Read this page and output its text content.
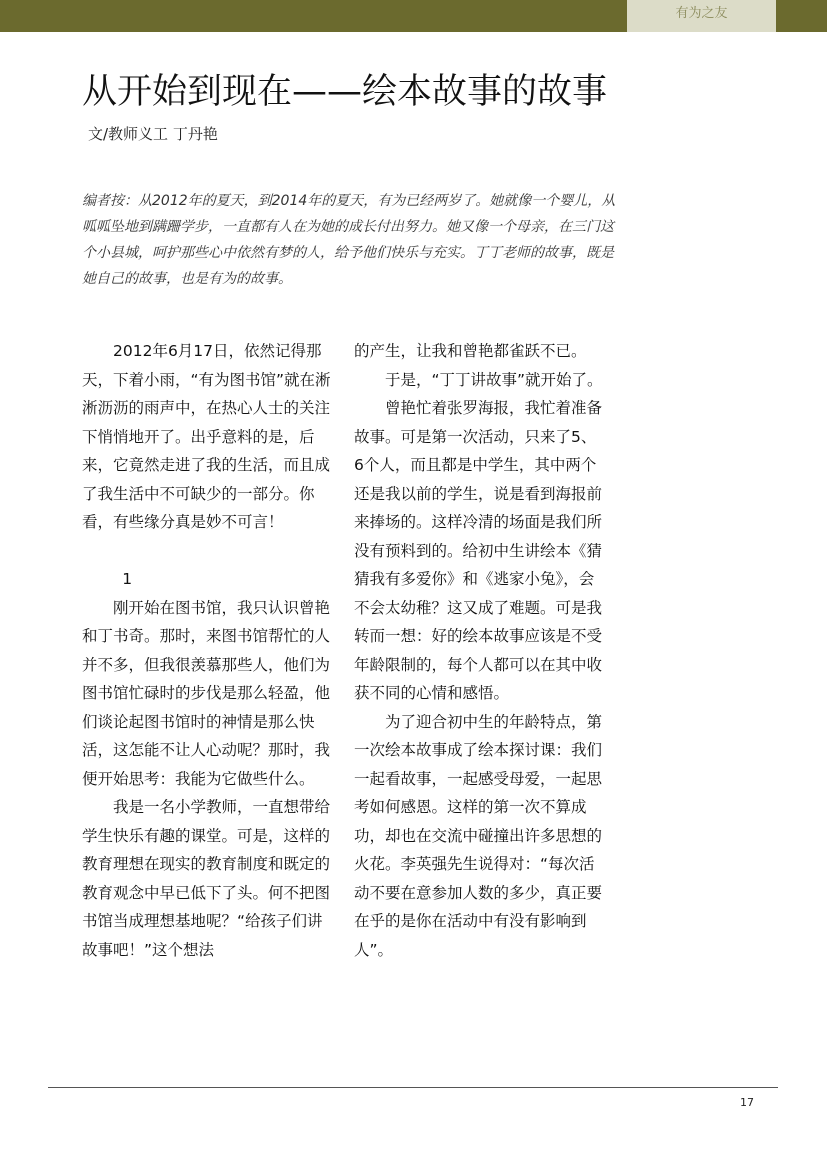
有为之友
从开始到现在——绘本故事的故事
文/教师义工 丁丹艳
编者按：从2012年的夏天，到2014年的夏天，有为已经两岁了。她就像一个婴儿，从呱呱坠地到蹒跚学步，一直都有人在为她的成长付出努力。她又像一个母亲，在三门这个小县城，呵护那些心中依然有梦的人，给予他们快乐与充实。丁丁老师的故事，既是她自己的故事，也是有为的故事。

2012年6月17日，依然记得那天，下着小雨，“有为图书馆”就在淅淅沥沥的雨声中，在热心人士的关注下悄悄地开了。出乎意料的是，后来，它竟然走进了我的生活，而且成了我生活中不可缺少的一部分。你看，有些缘分真是妙不可言！

1

刚开始在图书馆，我只认识曾艳和丁书奇。那时，来图书馆帮忙的人并不多，但我很羡慕那些人，他们为图书馆忙碌时的步伐是那么轻盈，他们谈论起图书馆时的神情是那么快活，这怎能不让人心动呢？那时，我便开始思考：我能为它做些什么。

我是一名小学教师，一直想带给学生快乐有趣的课堂。可是，这样的教育理想在现实的教育制度和既定的教育观念中早已低下了头。何不把图书馆当成理想基地呢？“给孩子们讲故事吧！”这个想法

的产生，让我和曾艳都雀跃不已。

于是，“丁丁讲故事”就开始了。

曾艳忙着张罗海报，我忙着准备故事。可是第一次活动，只来了5、6个人，而且都是中学生，其中两个还是我以前的学生，说是看到海报前来捧场的。这样冷清的场面是我们所没有预料到的。给初中生讲绘本《猜猜我有多爱你》和《逃家小兔》，会不会太幼稚？这又成了难题。可是我转而一想：好的绘本故事应该是不受年龄限制的，每个人都可以在其中收获不同的心情和感悟。

为了迎合初中生的年龄特点，第一次绘本故事成了绘本探讨课：我们一起看故事，一起感受母爱，一起思考如何感恩。这样的第一次不算成功，却也在交流中碰撞出许多思想的火花。李英强先生说得对：“每次活动不要在意参加人数的多少，真正要在乎的是你在活动中有没有影响到人”。

17
